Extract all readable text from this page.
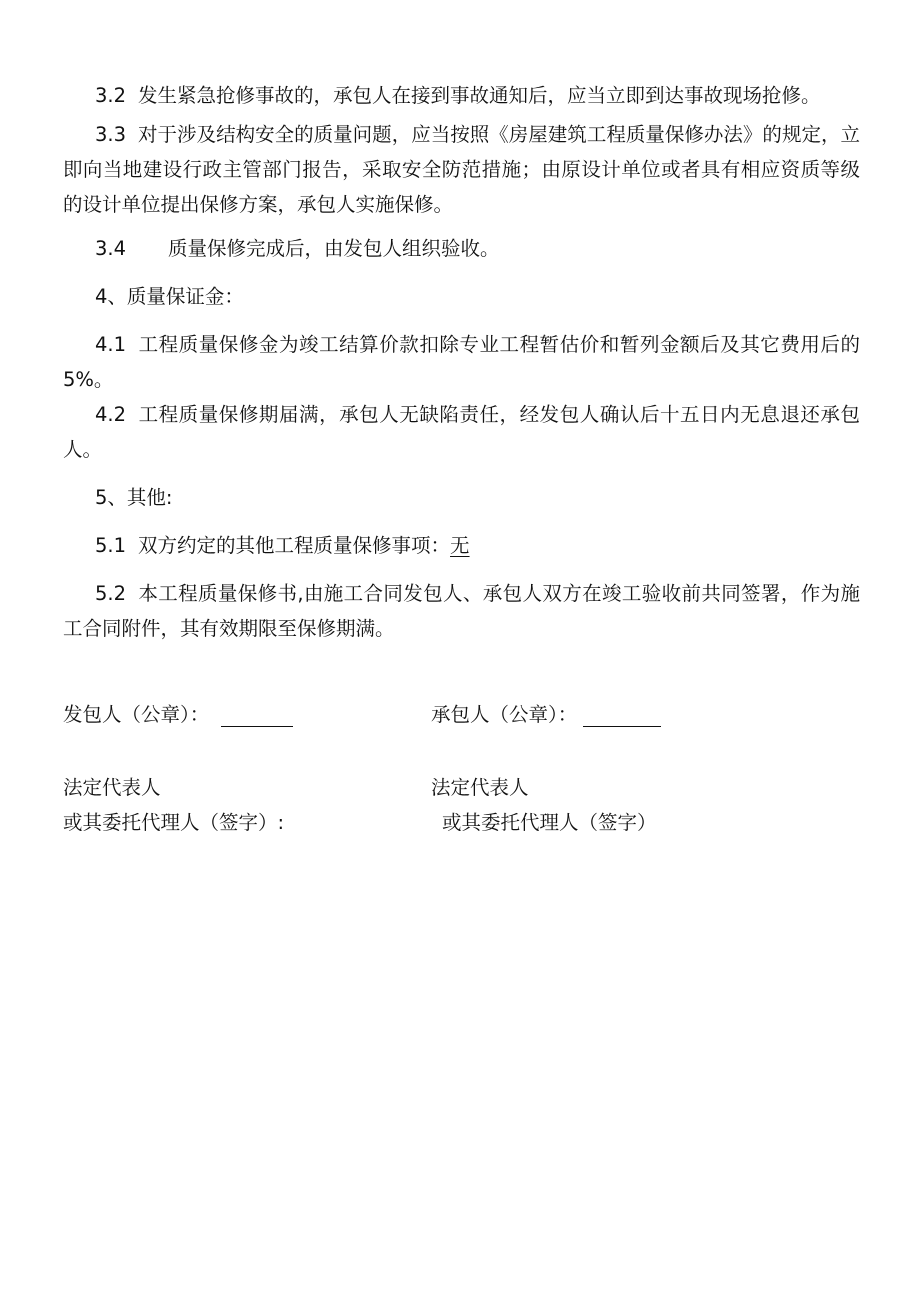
3.2 发生紧急抢修事故的，承包人在接到事故通知后，应当立即到达事故现场抢修。

3.3 对于涉及结构安全的质量问题，应当按照《房屋建筑工程质量保修办法》的规定，立即向当地建设行政主管部门报告，采取安全防范措施；由原设计单位或者具有相应资质等级的设计单位提出保修方案，承包人实施保修。

3.4 质量保修完成后，由发包人组织验收。

4、质量保证金：

4.1 工程质量保修金为竣工结算价款扣除专业工程暂估价和暂列金额后及其它费用后的5%。

4.2 工程质量保修期届满，承包人无缺陷责任，经发包人确认后十五日内无息退还承包人。

5、其他:

5.1 双方约定的其他工程质量保修事项：无

5.2 本工程质量保修书,由施工合同发包人、承包人双方在竣工验收前共同签署，作为施工合同附件，其有效期限至保修期满。

发包人（公章）：	承包人（公章）：
法定代表人	法定代表人
或其委托代理人（签字）:	或其委托代理人（签字）
